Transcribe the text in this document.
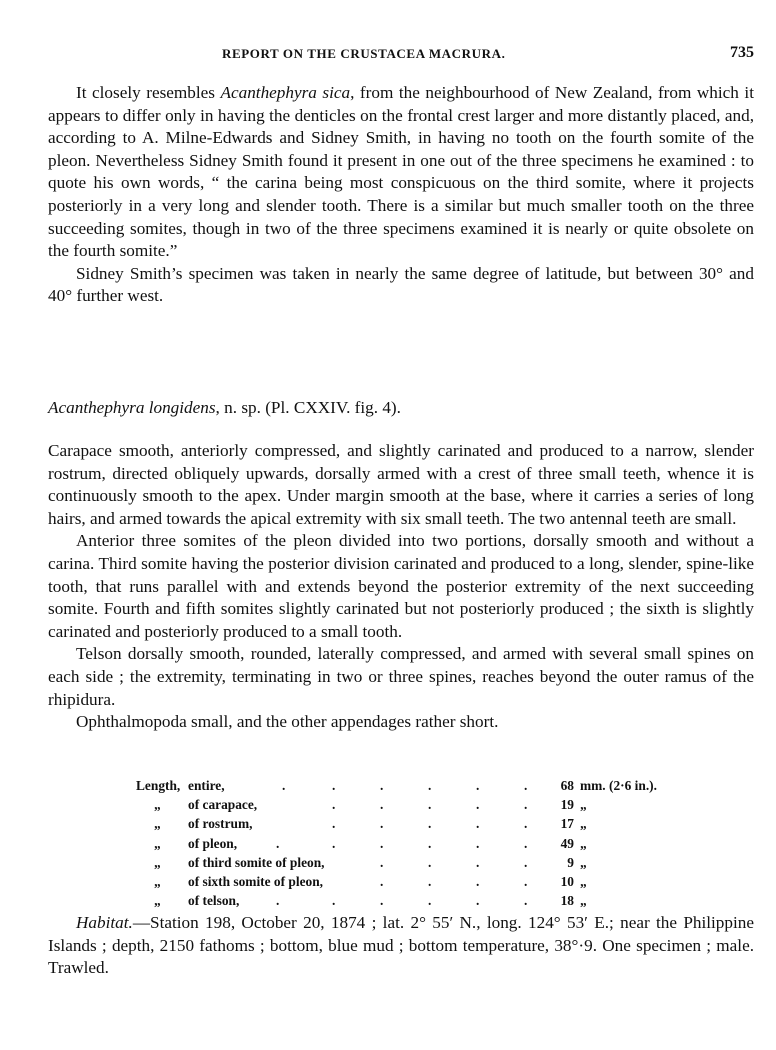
REPORT ON THE CRUSTACEA MACRURA.	735

It closely resembles Acanthephyra sica, from the neighbourhood of New Zealand, from which it appears to differ only in having the denticles on the frontal crest larger and more distantly placed, and, according to A. Milne-Edwards and Sidney Smith, in having no tooth on the fourth somite of the pleon. Nevertheless Sidney Smith found it present in one out of the three specimens he examined : to quote his own words, “ the carina being most conspicuous on the third somite, where it projects posteriorly in a very long and slender tooth. There is a similar but much smaller tooth on the three succeeding somites, though in two of the three specimens examined it is nearly or quite obsolete on the fourth somite.”

Sidney Smith’s specimen was taken in nearly the same degree of latitude, but between 30° and 40° further west.

Acanthephyra longidens, n. sp. (Pl. CXXIV. fig. 4).

Carapace smooth, anteriorly compressed, and slightly carinated and produced to a narrow, slender rostrum, directed obliquely upwards, dorsally armed with a crest of three small teeth, whence it is continuously smooth to the apex. Under margin smooth at the base, where it carries a series of long hairs, and armed towards the apical extremity with six small teeth. The two antennal teeth are small.

Anterior three somites of the pleon divided into two portions, dorsally smooth and without a carina. Third somite having the posterior division carinated and produced to a long, slender, spine-like tooth, that runs parallel with and extends beyond the posterior extremity of the next succeeding somite. Fourth and fifth somites slightly carinated but not posteriorly produced ; the sixth is slightly carinated and posteriorly produced to a small tooth.

Telson dorsally smooth, rounded, laterally compressed, and armed with several small spines on each side ; the extremity, terminating in two or three spines, reaches beyond the outer ramus of the rhipidura.

Ophthalmopoda small, and the other appendages rather short.

Length, entire,	.	.	.	.	.	.	68 mm. (2·6 in.).
„ of carapace,	.	.	.	.	.	19 „
„ of rostrum,	.	.	.	.	.	17 „
„ of pleon,	.	.	.	.	.	.	49 „
„ of third somite of pleon,	.	.	.	.	9 „
„ of sixth somite of pleon,	.	.	.	.	10 „
„ of telson,	.	.	.	.	.	.	18 „

Habitat.—Station 198, October 20, 1874 ; lat. 2° 55′ N., long. 124° 53′ E.; near the Philippine Islands ; depth, 2150 fathoms ; bottom, blue mud ; bottom temperature, 38°·9. One specimen ; male. Trawled.
